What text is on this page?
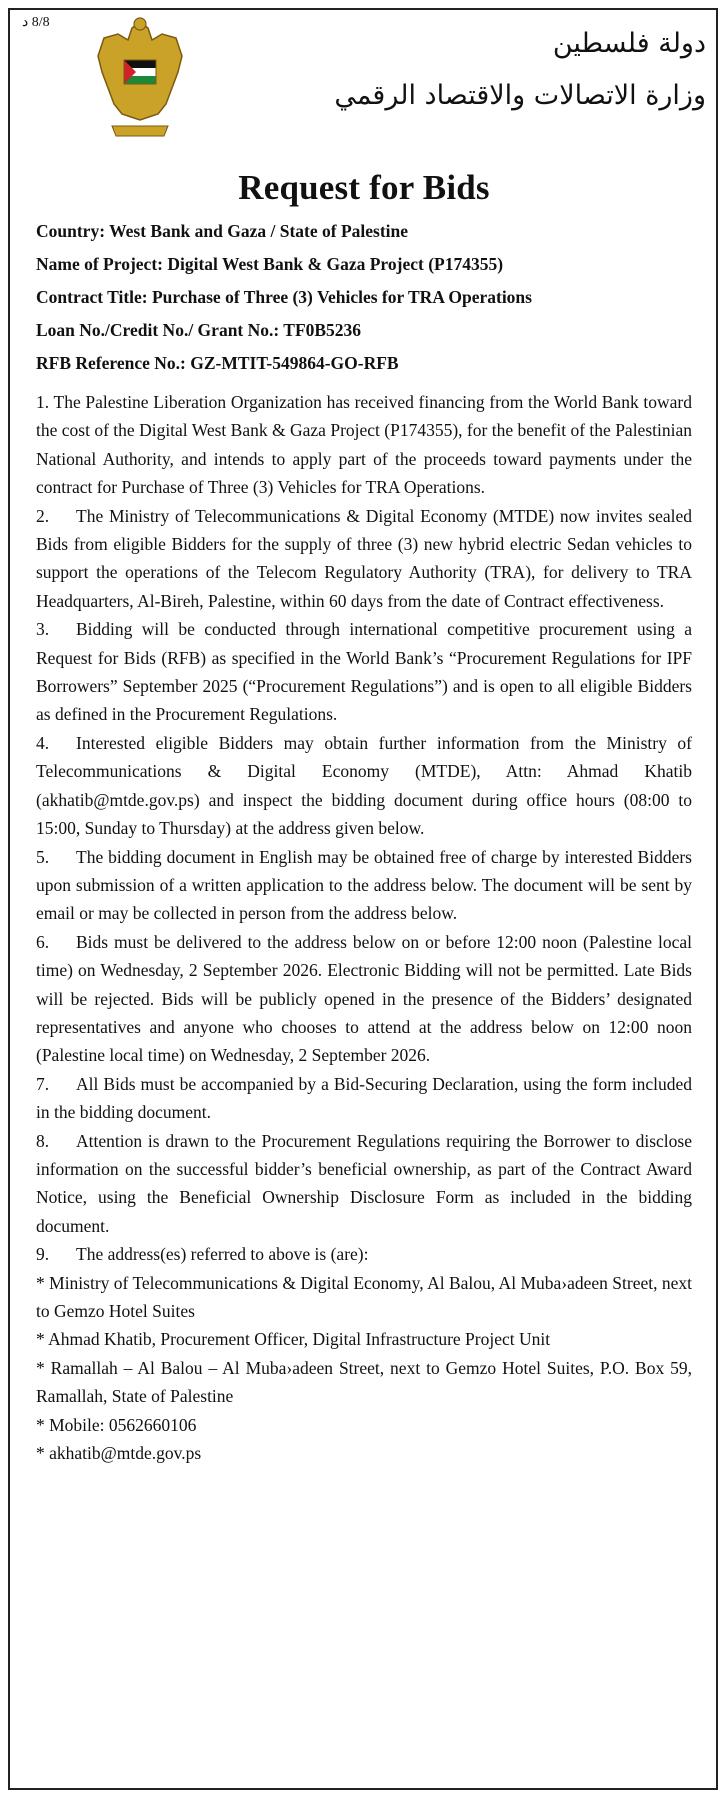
8/8 د
دولة فلسطين
وزارة الاتصالات والاقتصاد الرقمي
Request for Bids
Country: West Bank and Gaza / State of Palestine
Name of Project: Digital West Bank & Gaza Project (P174355)
Contract Title: Purchase of Three (3) Vehicles for TRA Operations
Loan No./Credit No./ Grant No.: TF0B5236
RFB Reference No.: GZ-MTIT-549864-GO-RFB

1. The Palestine Liberation Organization has received financing from the World Bank toward the cost of the Digital West Bank & Gaza Project (P174355), for the benefit of the Palestinian National Authority, and intends to apply part of the proceeds toward payments under the contract for Purchase of Three (3) Vehicles for TRA Operations.

2. The Ministry of Telecommunications & Digital Economy (MTDE) now invites sealed Bids from eligible Bidders for the supply of three (3) new hybrid electric Sedan vehicles to support the operations of the Telecom Regulatory Authority (TRA), for delivery to TRA Headquarters, Al-Bireh, Palestine, within 60 days from the date of Contract effectiveness.

3. Bidding will be conducted through international competitive procurement using a Request for Bids (RFB) as specified in the World Bank’s “Procurement Regulations for IPF Borrowers” September 2025 (“Procurement Regulations”) and is open to all eligible Bidders as defined in the Procurement Regulations.

4. Interested eligible Bidders may obtain further information from the Ministry of Telecommunications & Digital Economy (MTDE), Attn: Ahmad Khatib (akhatib@mtde.gov.ps) and inspect the bidding document during office hours (08:00 to 15:00, Sunday to Thursday) at the address given below.

5. The bidding document in English may be obtained free of charge by interested Bidders upon submission of a written application to the address below. The document will be sent by email or may be collected in person from the address below.

6. Bids must be delivered to the address below on or before 12:00 noon (Palestine local time) on Wednesday, 2 September 2026. Electronic Bidding will not be permitted. Late Bids will be rejected. Bids will be publicly opened in the presence of the Bidders’ designated representatives and anyone who chooses to attend at the address below on 12:00 noon (Palestine local time) on Wednesday, 2 September 2026.

7. All Bids must be accompanied by a Bid-Securing Declaration, using the form included in the bidding document.

8. Attention is drawn to the Procurement Regulations requiring the Borrower to disclose information on the successful bidder’s beneficial ownership, as part of the Contract Award Notice, using the Beneficial Ownership Disclosure Form as included in the bidding document.

9. The address(es) referred to above is (are):

* Ministry of Telecommunications & Digital Economy, Al Balou, Al Muba›adeen Street, next to Gemzo Hotel Suites

* Ahmad Khatib, Procurement Officer, Digital Infrastructure Project Unit

* Ramallah – Al Balou – Al Muba›adeen Street, next to Gemzo Hotel Suites, P.O. Box 59, Ramallah, State of Palestine

* Mobile: 0562660106

* akhatib@mtde.gov.ps
